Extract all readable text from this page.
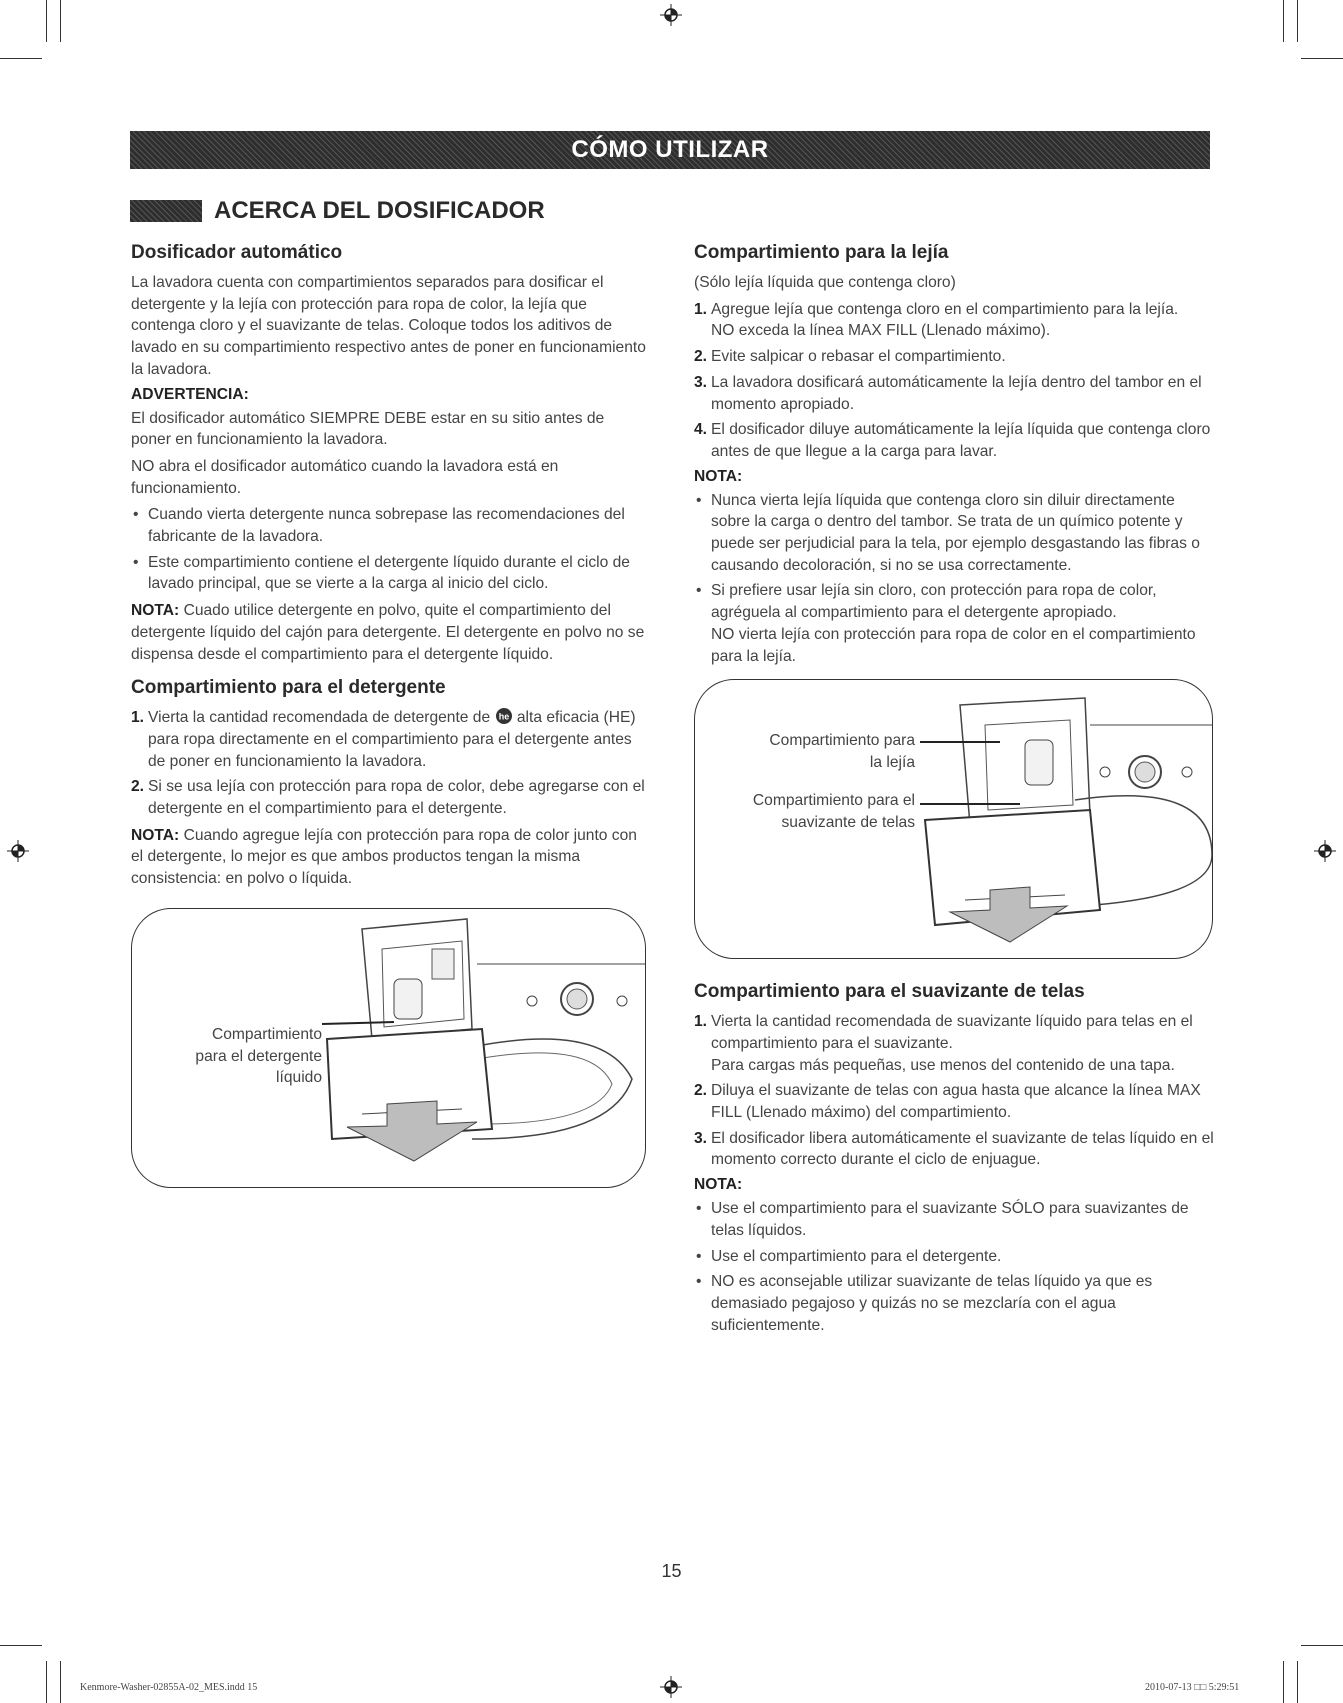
CÓMO UTILIZAR
ACERCA DEL DOSIFICADOR
Dosificador automático

La lavadora cuenta con compartimientos separados para dosificar el detergente y la lejía con protección para ropa de color, la lejía que contenga cloro y el suavizante de telas. Coloque todos los aditivos de lavado en su compartimiento respectivo antes de poner en funcionamiento la lavadora.

ADVERTENCIA:

El dosificador automático SIEMPRE DEBE estar en su sitio antes de poner en funcionamiento la lavadora.

NO abra el dosificador automático cuando la lavadora está en funcionamiento.

• Cuando vierta detergente nunca sobrepase las recomendaciones del fabricante de la lavadora.
• Este compartimiento contiene el detergente líquido durante el ciclo de lavado principal, que se vierte a la carga al inicio del ciclo.

NOTA: Cuado utilice detergente en polvo, quite el compartimiento del detergente líquido del cajón para detergente. El detergente en polvo no se dispensa desde el compartimiento para el detergente líquido.

Compartimiento para el detergente
1. Vierta la cantidad recomendada de detergente de he alta eficacia (HE) para ropa directamente en el compartimiento para el detergente antes de poner en funcionamiento la lavadora.
2. Si se usa lejía con protección para ropa de color, debe agregarse con el detergente en el compartimiento para el detergente.

NOTA: Cuando agregue lejía con protección para ropa de color junto con el detergente, lo mejor es que ambos productos tengan la misma consistencia: en polvo o líquida.

Compartimiento
para el detergente
líquido
Compartimiento para la lejía

(Sólo lejía líquida que contenga cloro)

1. Agregue lejía que contenga cloro en el compartimiento para la lejía.
NO exceda la línea MAX FILL (Llenado máximo).
2. Evite salpicar o rebasar el compartimiento.
3. La lavadora dosificará automáticamente la lejía dentro del tambor en el momento apropiado.
4. El dosificador diluye automáticamente la lejía líquida que contenga cloro antes de que llegue a la carga para lavar.
NOTA:
• Nunca vierta lejía líquida que contenga cloro sin diluir directamente sobre la carga o dentro del tambor. Se trata de un químico potente y puede ser perjudicial para la tela, por ejemplo desgastando las fibras o causando decoloración, si no se usa correctamente.
• Si prefiere usar lejía sin cloro, con protección para ropa de color, agréguela al compartimiento para el detergente apropiado.
NO vierta lejía con protección para ropa de color en el compartimiento para la lejía.
Compartimiento para
la lejía
Compartimiento para el
suavizante de telas
Compartimiento para el suavizante de telas
1. Vierta la cantidad recomendada de suavizante líquido para telas en el compartimiento para el suavizante.
Para cargas más pequeñas, use menos del contenido de una tapa.
2. Diluya el suavizante de telas con agua hasta que alcance la línea MAX FILL (Llenado máximo) del compartimiento.
3. El dosificador libera automáticamente el suavizante de telas líquido en el momento correcto durante el ciclo de enjuague.
NOTA:
• Use el compartimiento para el suavizante SÓLO para suavizantes de telas líquidos.
• Use el compartimiento para el detergente.
• NO es aconsejable utilizar suavizante de telas líquido ya que es demasiado pegajoso y quizás no se mezclaría con el agua suficientemente.
15
Kenmore-Washer-02855A-02_MES.indd 15	2010-07-13 □□ 5:29:51
